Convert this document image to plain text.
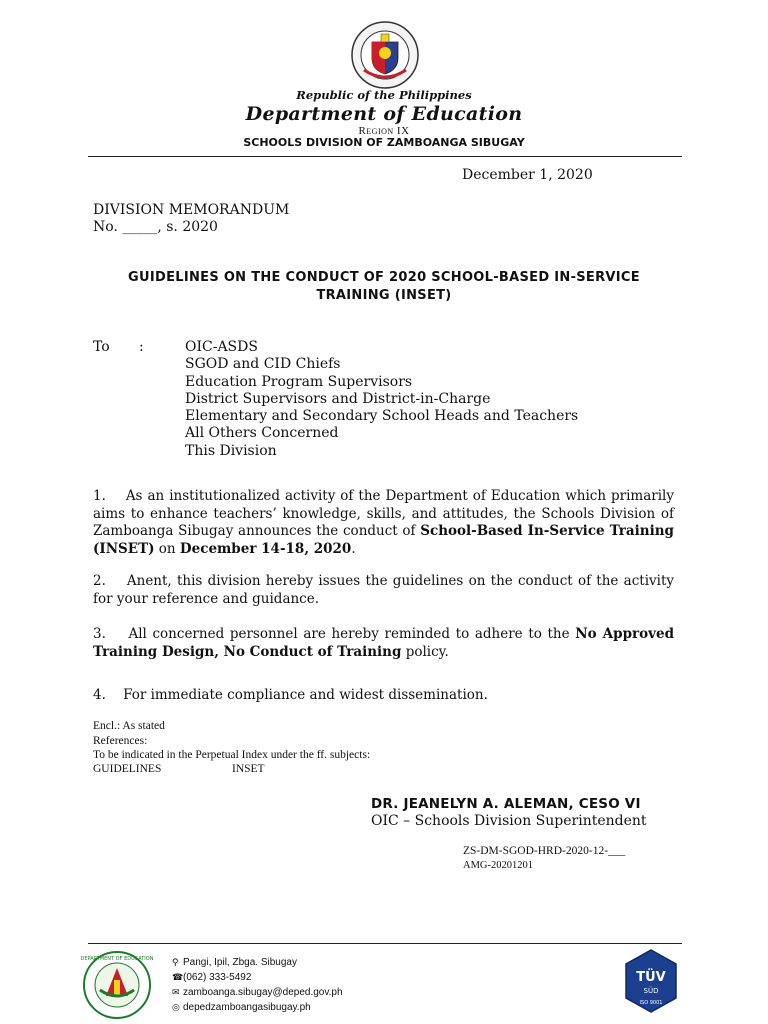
Republic of the Philippines
Department of Education
Region IX
SCHOOLS DIVISION OF ZAMBOANGA SIBUGAY
December 1, 2020
DIVISION MEMORANDUM
No. _____, s. 2020
GUIDELINES ON THE CONDUCT OF 2020 SCHOOL-BASED IN-SERVICE
TRAINING (INSET)
To :	OIC-ASDS
SGOD and CID Chiefs
Education Program Supervisors
District Supervisors and District-in-Charge
Elementary and Secondary School Heads and Teachers
All Others Concerned
This Division
1. As an institutionalized activity of the Department of Education which primarily aims to enhance teachers’ knowledge, skills, and attitudes, the Schools Division of Zamboanga Sibugay announces the conduct of School-Based In-Service Training (INSET) on December 14-18, 2020.
2. Anent, this division hereby issues the guidelines on the conduct of the activity for your reference and guidance.
3. All concerned personnel are hereby reminded to adhere to the No Approved Training Design, No Conduct of Training policy.
4. For immediate compliance and widest dissemination.
Encl.: As stated
References:
To be indicated in the Perpetual Index under the ff. subjects:
GUIDELINES	INSET
DR. JEANELYN A. ALEMAN, CESO VI
OIC – Schools Division Superintendent
ZS-DM-SGOD-HRD-2020-12-___
AMG-20201201
DEPARTMENT OF EDUCATION ⚲ Pangi, Ipil, Zbga. Sibugay
☎(062) 333-5492
✉ zamboanga.sibugay@deped.gov.ph
◎ depedzamboangasibugay.ph
TÜV
SÜD
ISO 9001
